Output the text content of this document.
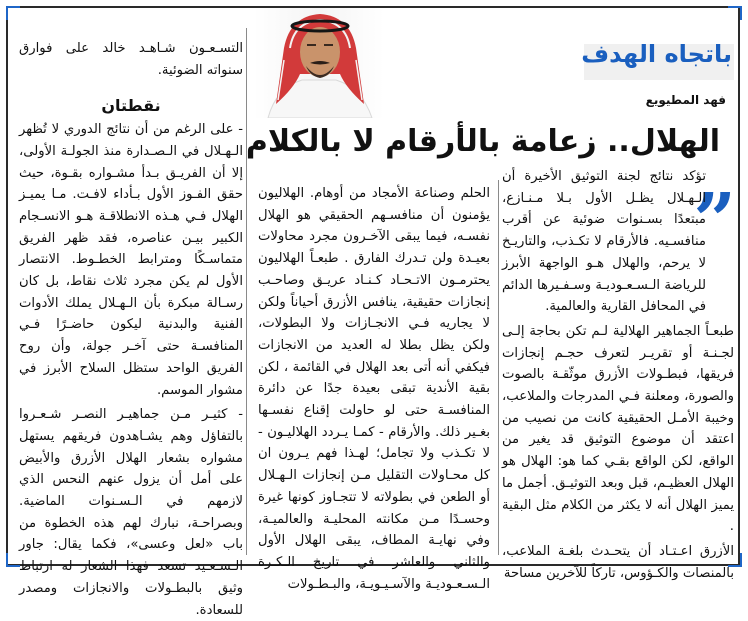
باتجاه الهدف
فهد المطيويع
الهلال.. زعامة بالأرقام لا بالكلام
”

تؤكد نتائج لجنة التوثيق الأخيرة أن الـهـلال يظـل الأول بـلا مـنـازع، مبتعدًا بسـنوات ضوئية عن أقرب منافسـيه. فالأرقام لا تكـذب، والتاريـخ لا يرحم، والهلال هـو الواجهة الأبرز للرياضة الـسـعـوديـة وسـفـيرها الدائم في المحافل القارية والعالمية.

طبعـاً الجماهير الهلالية لـم تكن بحاجة إلـى لجـنـة أو تقريـر لتعرف حجـم إنجازات فريقها، فبطـولات الأزرق موثّقـة بالصوت والصورة، ومعلنة فـي المدرجات والملاعب، وخيبة الأمـل الحقيقية كانت من نصيب من اعتقد أن موضوع التوثيق قد يغير من الواقع، لكن الواقع بقـي كما هو: الهلال هو الهلال العظيـم، قبل وبعد التوثيـق. أجمل ما يميز الهلال أنه لا يكثر من الكلام مثل البقية .

الأزرق اعـتـاد أن يتحـدث بلغـة الملاعب، بالمنصات والكـؤوس، تاركاً للآخرين مساحة

الحلم وصناعة الأمجاد من أوهام. الهلاليون يؤمنون أن منافسـهم الحقيقي هو الهلال نفسـه، فيما يبقى الآخـرون مجرد محاولات بعيـدة ولن تـدرك الفارق . طبعـاً الهلاليون يحترمـون الاتـحـاد كـنـاد عريـق وصاحـب إنجازات حقيقية، ينافس الأزرق أحياناً ولكن لا يجاريه فـي الانجـازات ولا البطولات، ولكن يظل بطلا له العديد من الانجازات فيكفي أنه أتى بعد الهلال في القائمة ، لكن بقية الأندية تبقى بعيدة جدًا عن دائرة المنافسـة حتى لو حاولت إقناع نفسـها بغـير ذلك. والأرقام - كمـا يـردد الهلاليـون - لا تكـذب ولا تجامل؛ لهـذا فهم يـرون ان كل محـاولات التقليل مـن إنجازات الـهـلال أو الطعن في بطولاته لا تتجـاوز كونها غيرة وحسـدًا مـن مكانته المحليـة والعالميـة، وفي نهايـة المطاف، يبقى الهلال الأول والثاني والعاشر في تاريخ الـكـرة الـسـعـوديـة والآسـيـويـة، والبـطـولات

التسـعـون شـاهـد خالد على فوارق سنواته الضوئية.

نقطتان

- على الرغم من أن نتائج الدوري لا تُظهر الـهـلال في الـصـدارة منذ الجولـة الأولى، إلا أن الفريـق بـدأ مشـواره بقـوة، حيث حقق الفـوز الأول بـأداء لافـت. مـا يميـز الهلال فـي هـذه الانطلاقـة هـو الانسـجام الكبير بيـن عناصره، فقد ظهر الفريق متماسـكًا ومترابط الخطـوط. الانتصار الأول لم يكن مجرد ثلاث نقاط، بل كان رسـالة مبكرة بأن الـهـلال يملك الأدوات الفنية والبدنية ليكون حاضـرًا فـي المنافسـة حتى آخـر جولة، وأن روح الفريق الواحد ستظل السلاح الأبرز في مشوار الموسم.

- كثيـر مـن جماهيـر النصـر شـعـروا بالتفاؤل وهم يشـاهدون فريقهم يستهل مشواره بشعار الهلال الأزرق والأبيض على أمل أن يزول عنهم النحس الذي لازمهم في الـسـنوات الماضية. وبصراحـة، نبارك لهم هذه الخطوة من باب «لعل وعسى»، فكما يقال: جاور الـسـعـيد تسعد فهذا الشعار له ارتباط وثيق بالبطـولات والانجازات ومصدر للسعادة.
